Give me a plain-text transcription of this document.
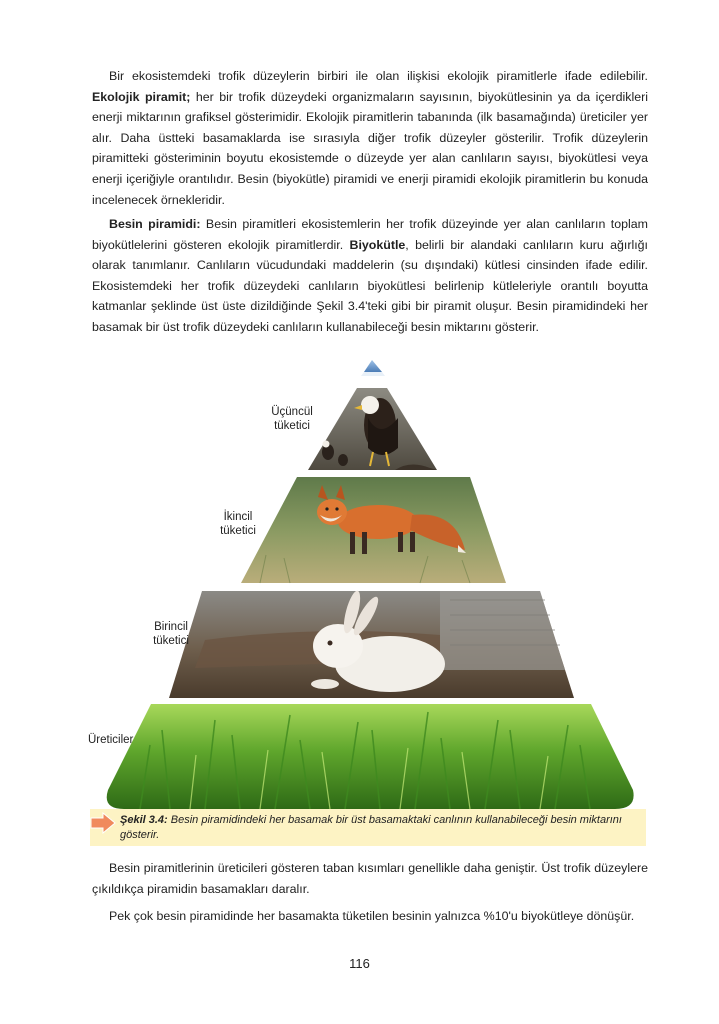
Bir ekosistemdeki trofik düzeylerin birbiri ile olan ilişkisi ekolojik piramitlerle ifade edilebilir. Ekolojik piramit; her bir trofik düzeydeki organizmaların sayısının, biyokütlesinin ya da içerdikleri enerji miktarının grafiksel gösterimidir. Ekolojik piramitlerin tabanında (ilk basamağında) üreticiler yer alır. Daha üstteki basamaklarda ise sırasıyla diğer trofik düzeyler gösterilir. Trofik düzeylerin piramitteki gösteriminin boyutu ekosistemde o düzeyde yer alan canlıların sayısı, biyokütlesi veya enerji içeriğiyle orantılıdır. Besin (biyokütle) piramidi ve enerji piramidi ekolojik piramitlerin bu konuda incelenecek örnekleridir.

Besin piramidi: Besin piramitleri ekosistemlerin her trofik düzeyinde yer alan canlıların toplam biyokütlelerini gösteren ekolojik piramitlerdir. Biyokütle, belirli bir alandaki canlıların kuru ağırlığı olarak tanımlanır. Canlıların vücudundaki maddelerin (su dışındaki) kütlesi cinsinden ifade edilir. Ekosistemdeki her trofik düzeydeki canlıların biyokütlesi belirlenip kütleleriyle orantılı boyutta katmanlar şeklinde üst üste dizildiğinde Şekil 3.4'teki gibi bir piramit oluşur. Besin piramidindeki her basamak bir üst trofik düzeydeki canlıların kullanabileceği besin miktarını gösterir.

Üçüncül
tüketici
İkincil
tüketici
Birincil
tüketici
Üreticiler
Şekil 3.4: Besin piramidindeki her basamak bir üst basamaktaki canlının kullanabileceği besin miktarını gösterir.

Besin piramitlerinin üreticileri gösteren taban kısımları genellikle daha geniştir. Üst trofik düzeylere çıkıldıkça piramidin basamakları daralır.

Pek çok besin piramidinde her basamakta tüketilen besinin yalnızca %10'u biyokütleye dönüşür.

116
